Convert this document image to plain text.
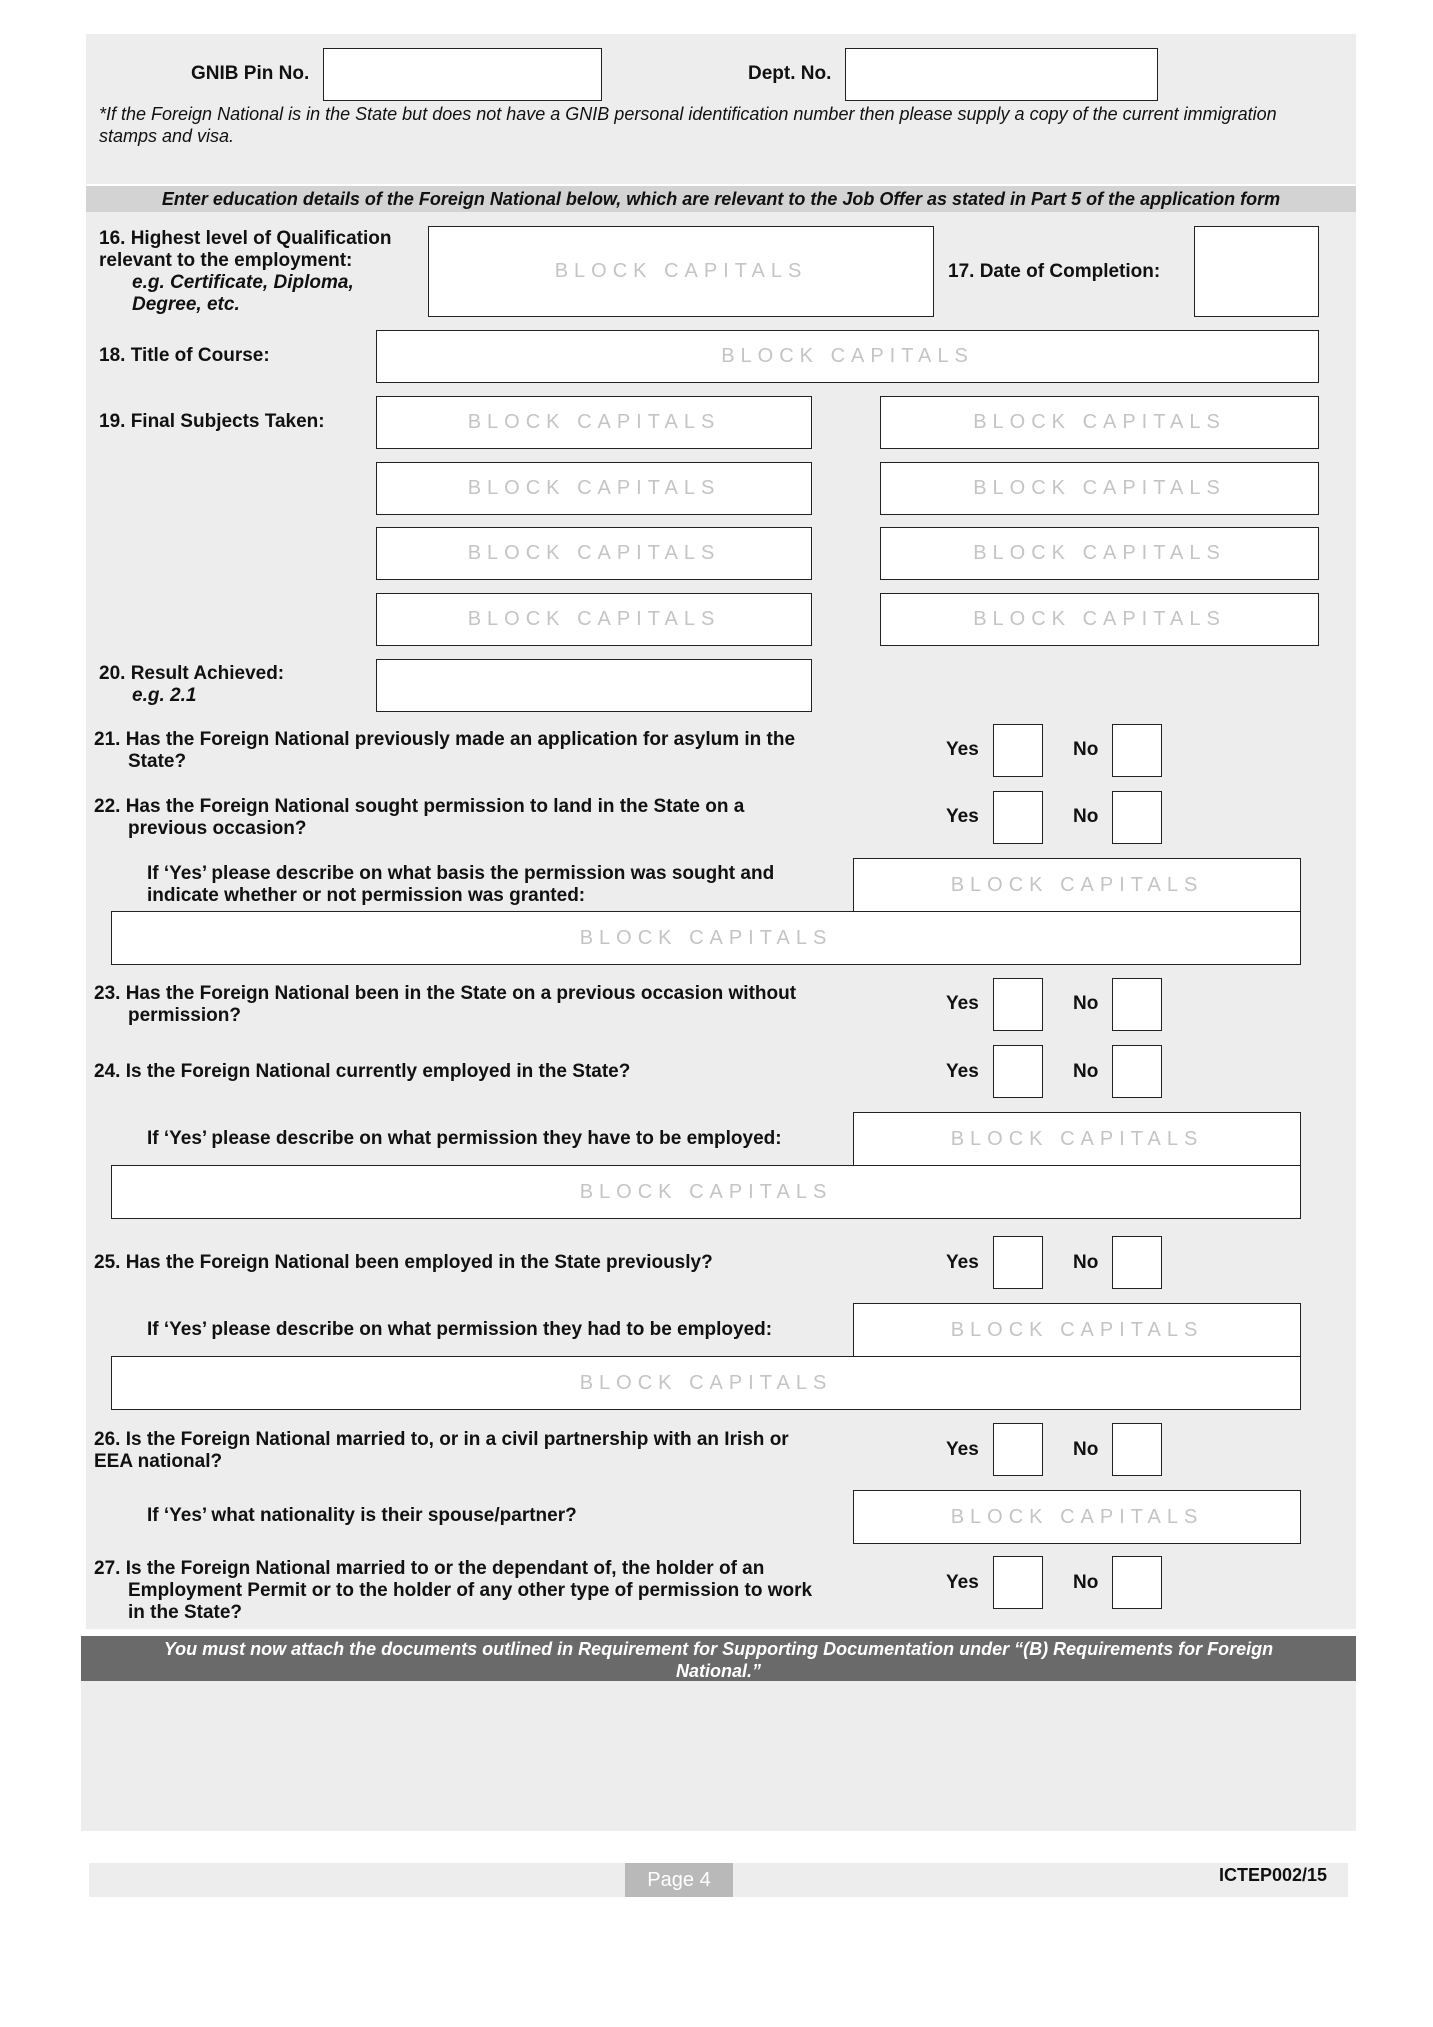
GNIB Pin No.	Dept. No.
*If the Foreign National is in the State but does not have a GNIB personal identification number then please supply a copy of the current immigration stamps and visa.
Enter education details of the Foreign National below, which are relevant to the Job Offer as stated in Part 5 of the application form
16. Highest level of Qualification
relevant to the employment:
e.g. Certificate, Diploma,
Degree, etc.
BLOCK CAPITALS	17. Date of Completion:
18. Title of Course:	BLOCK CAPITALS
19. Final Subjects Taken:	BLOCK CAPITALS	BLOCK CAPITALS
BLOCK CAPITALS	BLOCK CAPITALS
BLOCK CAPITALS	BLOCK CAPITALS
BLOCK CAPITALS	BLOCK CAPITALS
20. Result Achieved:
e.g. 2.1
21. Has the Foreign National previously made an application for asylum in the
State?
Yes	No
22. Has the Foreign National sought permission to land in the State on a
previous occasion?
Yes	No
If ‘Yes’ please describe on what basis the permission was sought and
indicate whether or not permission was granted:	BLOCK CAPITALS
BLOCK CAPITALS
23. Has the Foreign National been in the State on a previous occasion without
permission?
Yes	No
24. Is the Foreign National currently employed in the State?	Yes	No
If ‘Yes’ please describe on what permission they have to be employed:	BLOCK CAPITALS
BLOCK CAPITALS
25. Has the Foreign National been employed in the State previously?	Yes	No
If ‘Yes’ please describe on what permission they had to be employed:	BLOCK CAPITALS
BLOCK CAPITALS
26. Is the Foreign National married to, or in a civil partnership with an Irish or
EEA national?
Yes	No
If ‘Yes’ what nationality is their spouse/partner?	BLOCK CAPITALS
27. Is the Foreign National married to or the dependant of, the holder of an
Employment Permit or to the holder of any other type of permission to work
in the State?
Yes	No
You must now attach the documents outlined in Requirement for Supporting Documentation under “(B) Requirements for Foreign National.”
Page 4	ICTEP002/15
